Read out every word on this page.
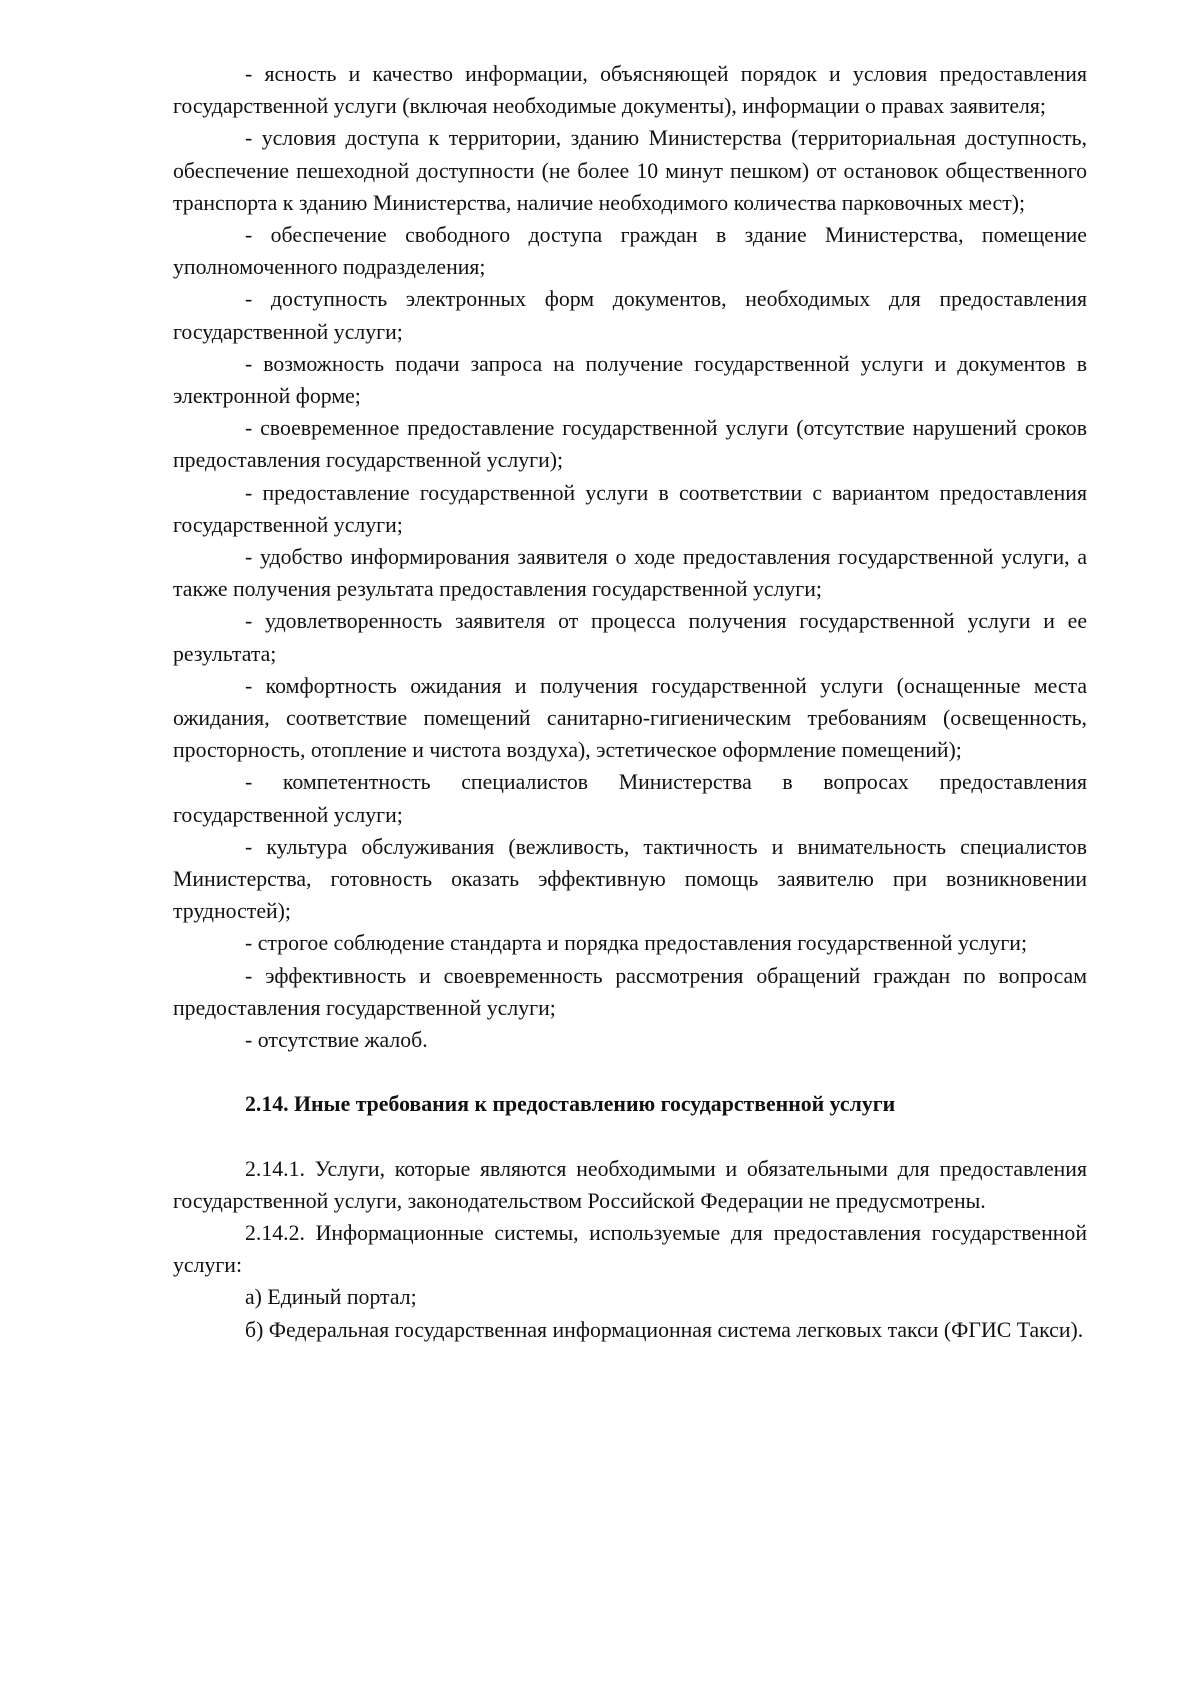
- ясность и качество информации, объясняющей порядок и условия предоставления государственной услуги (включая необходимые документы), информации о правах заявителя;

- условия доступа к территории, зданию Министерства (территориальная доступность, обеспечение пешеходной доступности (не более 10 минут пешком) от остановок общественного транспорта к зданию Министерства, наличие необходимого количества парковочных мест);

- обеспечение свободного доступа граждан в здание Министерства, помещение уполномоченного подразделения;

- доступность электронных форм документов, необходимых для предоставления государственной услуги;

- возможность подачи запроса на получение государственной услуги и документов в электронной форме;

- своевременное предоставление государственной услуги (отсутствие нарушений сроков предоставления государственной услуги);

- предоставление государственной услуги в соответствии с вариантом предоставления государственной услуги;

- удобство информирования заявителя о ходе предоставления государственной услуги, а также получения результата предоставления государственной услуги;

- удовлетворенность заявителя от процесса получения государственной услуги и ее результата;

- комфортность ожидания и получения государственной услуги (оснащенные места ожидания, соответствие помещений санитарно-гигиеническим требованиям (освещенность, просторность, отопление и чистота воздуха), эстетическое оформление помещений);

- компетентность специалистов Министерства в вопросах предоставления государственной услуги;

- культура обслуживания (вежливость, тактичность и внимательность специалистов Министерства, готовность оказать эффективную помощь заявителю при возникновении трудностей);

- строгое соблюдение стандарта и порядка предоставления государственной услуги;

- эффективность и своевременность рассмотрения обращений граждан по вопросам предоставления государственной услуги;

- отсутствие жалоб.

2.14. Иные требования к предоставлению государственной услуги

2.14.1. Услуги, которые являются необходимыми и обязательными для предоставления государственной услуги, законодательством Российской Федерации не предусмотрены.

2.14.2. Информационные системы, используемые для предоставления государственной услуги:

а) Единый портал;

б) Федеральная государственная информационная система легковых такси (ФГИС Такси).
